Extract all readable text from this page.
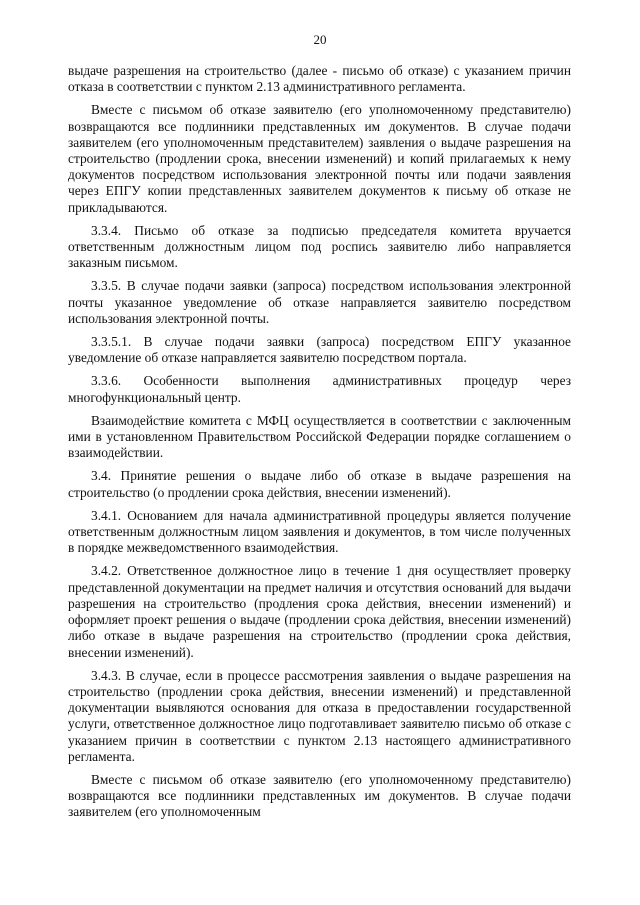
20

выдаче разрешения на строительство (далее - письмо об отказе) с указанием причин отказа в соответствии с пунктом 2.13 административного регламента.

Вместе с письмом об отказе заявителю (его уполномоченному представителю) возвращаются все подлинники представленных им документов. В случае подачи заявителем (его уполномоченным представителем) заявления о выдаче разрешения на строительство (продлении срока, внесении изменений) и копий прилагаемых к нему документов посредством использования электронной почты или подачи заявления через ЕПГУ копии представленных заявителем документов к письму об отказе не прикладываются.

3.3.4. Письмо об отказе за подписью председателя комитета вручается ответственным должностным лицом под роспись заявителю либо направляется заказным письмом.

3.3.5. В случае подачи заявки (запроса) посредством использования электронной почты указанное уведомление об отказе направляется заявителю посредством использования электронной почты.

3.3.5.1. В случае подачи заявки (запроса) посредством ЕПГУ указанное уведомление об отказе направляется заявителю посредством портала.

3.3.6. Особенности выполнения административных процедур через многофункциональный центр.

Взаимодействие комитета с МФЦ осуществляется в соответствии с заключенным ими в установленном Правительством Российской Федерации порядке соглашением о взаимодействии.

3.4. Принятие решения о выдаче либо об отказе в выдаче разрешения на строительство (о продлении срока действия, внесении изменений).

3.4.1. Основанием для начала административной процедуры является получение ответственным должностным лицом заявления и документов, в том числе полученных в порядке межведомственного взаимодействия.

3.4.2. Ответственное должностное лицо в течение 1 дня осуществляет проверку представленной документации на предмет наличия и отсутствия оснований для выдачи разрешения на строительство (продления срока действия, внесении изменений) и оформляет проект решения о выдаче (продлении срока действия, внесении изменений) либо отказе в выдаче разрешения на строительство (продлении срока действия, внесении изменений).

3.4.3. В случае, если в процессе рассмотрения заявления о выдаче разрешения на строительство (продлении срока действия, внесении изменений) и представленной документации выявляются основания для отказа в предоставлении государственной услуги, ответственное должностное лицо подготавливает заявителю письмо об отказе с указанием причин в соответствии с пунктом 2.13 настоящего административного регламента.

Вместе с письмом об отказе заявителю (его уполномоченному представителю) возвращаются все подлинники представленных им документов. В случае подачи заявителем (его уполномоченным
